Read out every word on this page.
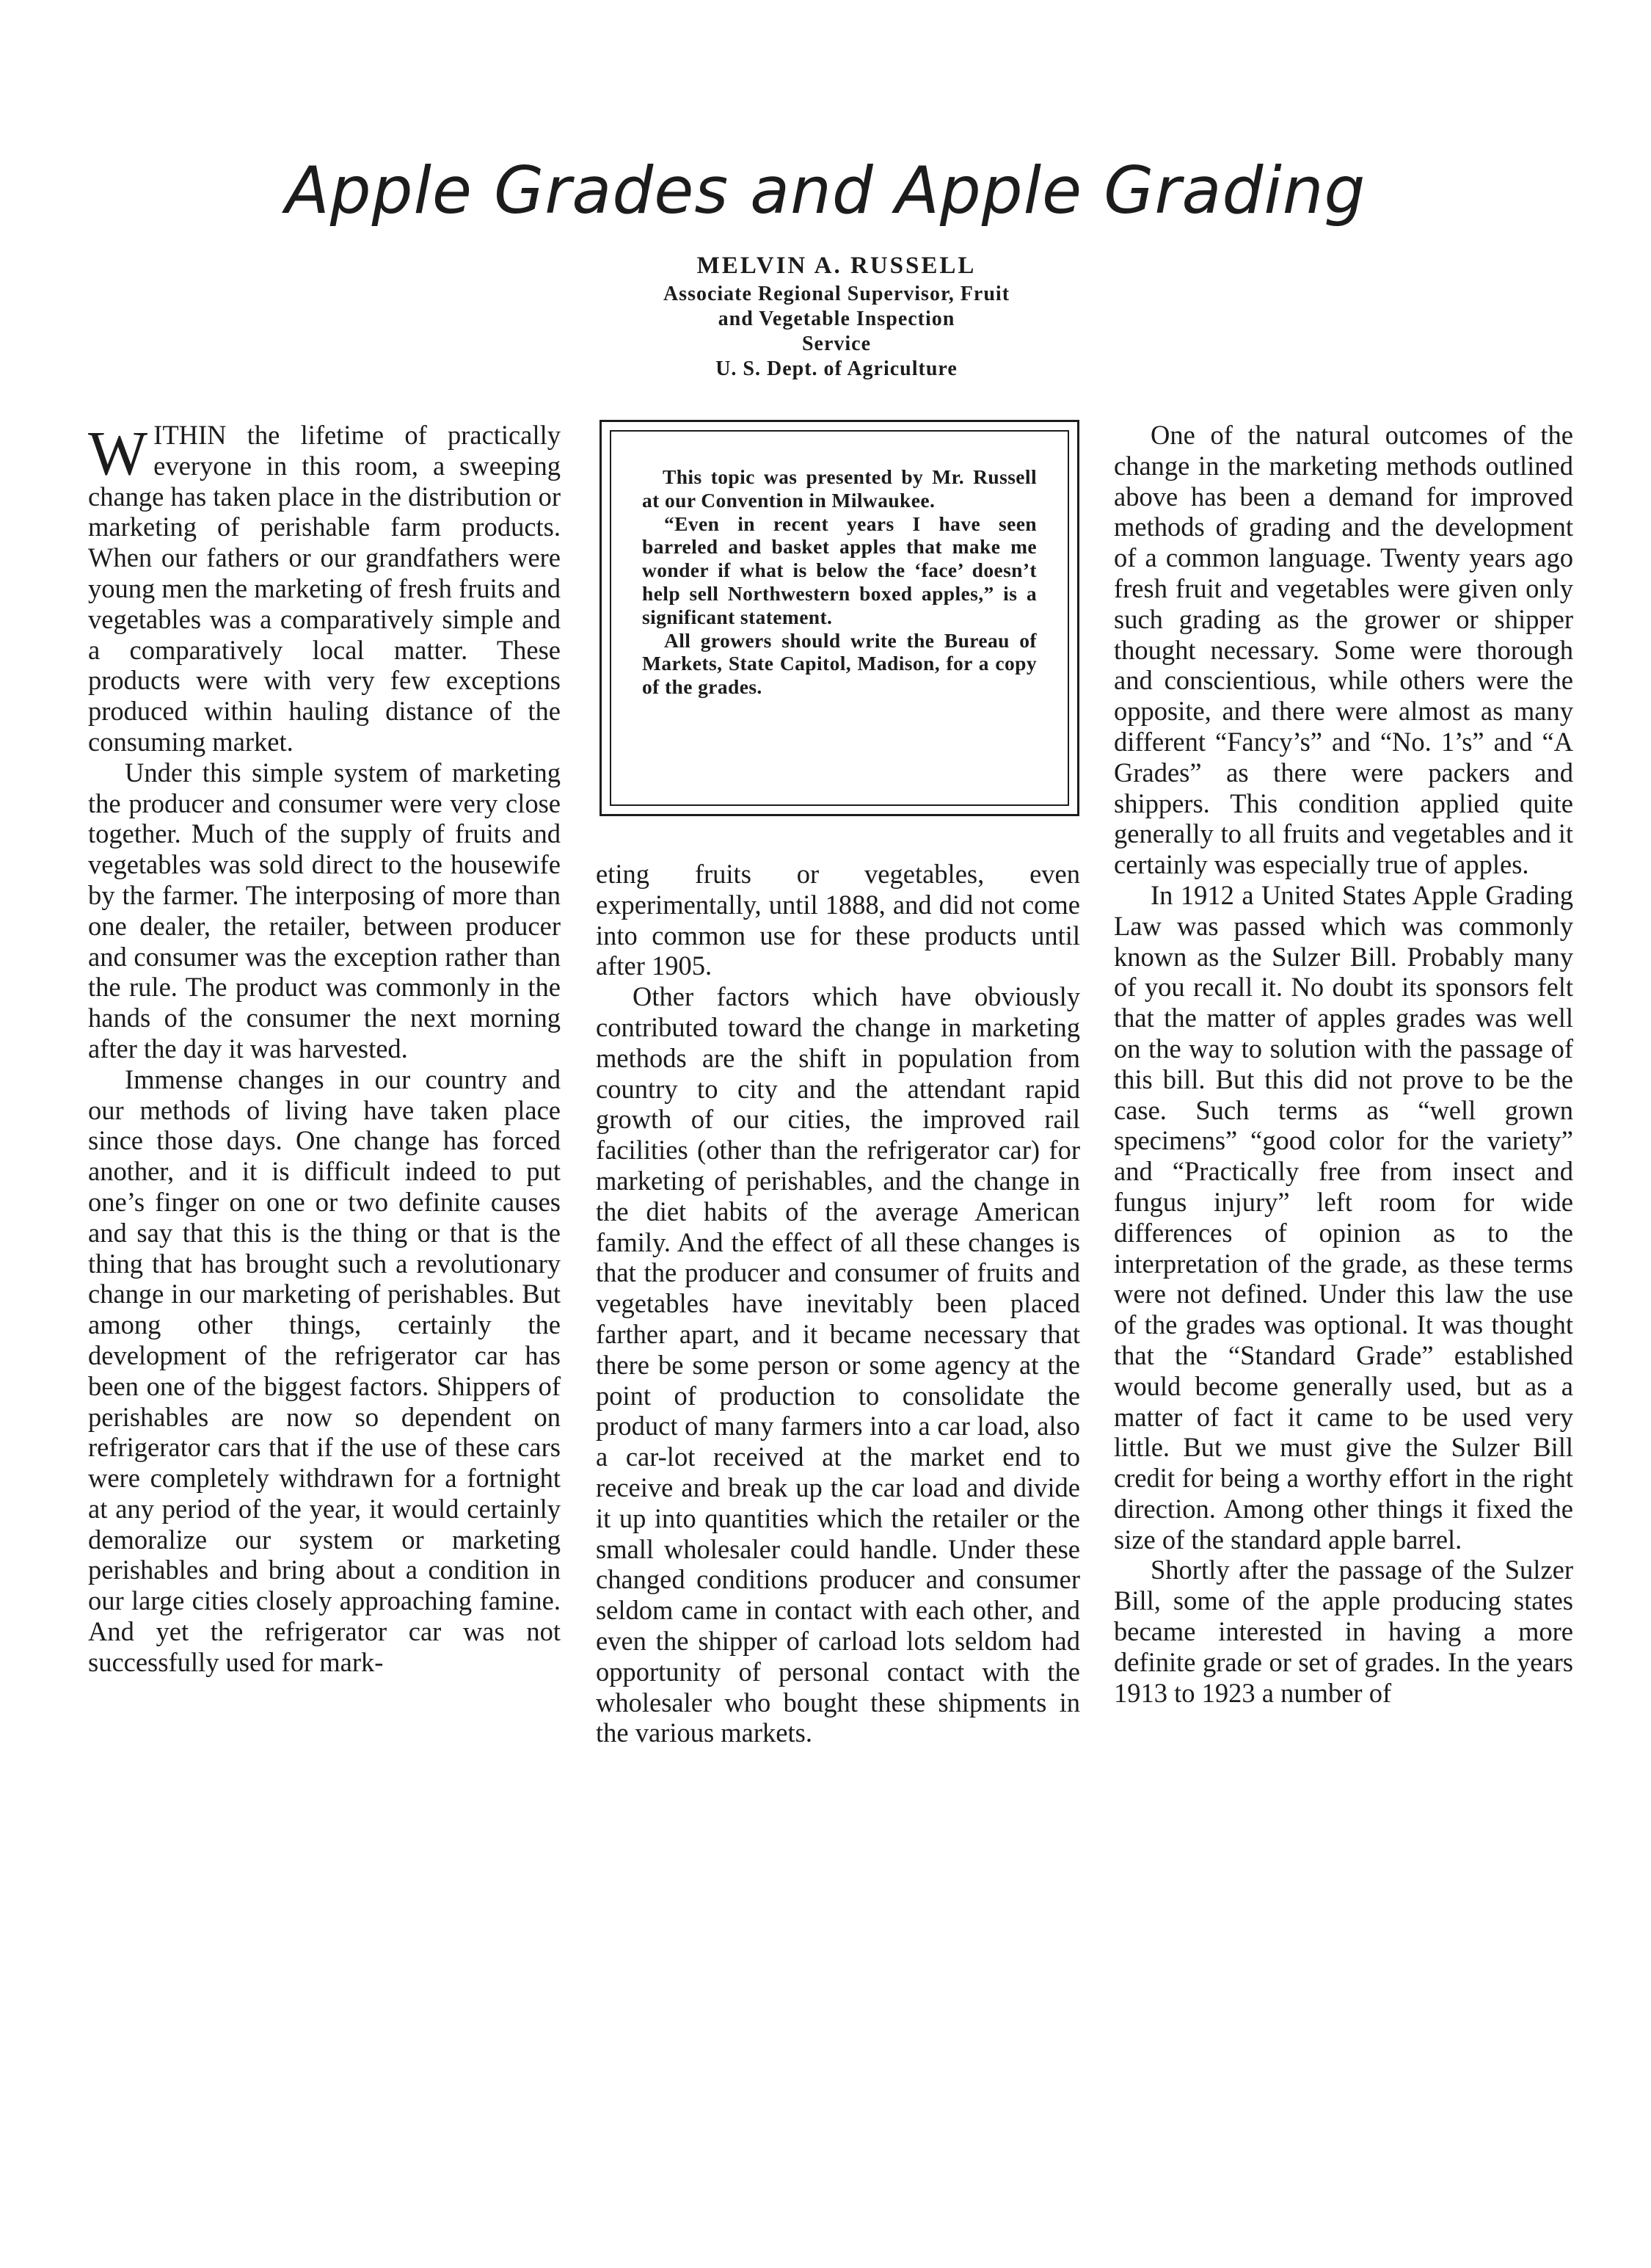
Apple Grades and Apple Grading
MELVIN A. RUSSELL
Associate Regional Supervisor, Fruit
and Vegetable Inspection
Service
U. S. Dept. of Agriculture

WITHIN the lifetime of practically everyone in this room, a sweeping change has taken place in the distribution or marketing of perishable farm products. When our fathers or our grandfathers were young men the marketing of fresh fruits and vegetables was a comparatively simple and a comparatively local matter. These products were with very few exceptions produced within hauling distance of the consuming market.

Under this simple system of marketing the producer and consumer were very close together. Much of the supply of fruits and vegetables was sold direct to the housewife by the farmer. The interposing of more than one dealer, the retailer, between producer and consumer was the exception rather than the rule. The product was commonly in the hands of the consumer the next morning after the day it was harvested.

Immense changes in our country and our methods of living have taken place since those days. One change has forced another, and it is difficult indeed to put one’s finger on one or two definite causes and say that this is the thing or that is the thing that has brought such a revolutionary change in our marketing of perishables. But among other things, certainly the development of the refrigerator car has been one of the biggest factors. Shippers of perishables are now so dependent on refrigerator cars that if the use of these cars were completely withdrawn for a fortnight at any period of the year, it would certainly demoralize our system or marketing perishables and bring about a condition in our large cities closely approaching famine. And yet the refrigerator car was not successfully used for mark-

This topic was presented by Mr. Russell at our Convention in Milwaukee.

“Even in recent years I have seen barreled and basket apples that make me wonder if what is below the ‘face’ doesn’t help sell Northwestern boxed apples,” is a significant statement.

All growers should write the Bureau of Markets, State Capitol, Madison, for a copy of the grades.

eting fruits or vegetables, even experimentally, until 1888, and did not come into common use for these products until after 1905.

Other factors which have obviously contributed toward the change in marketing methods are the shift in population from country to city and the attendant rapid growth of our cities, the improved rail facilities (other than the refrigerator car) for marketing of perishables, and the change in the diet habits of the average American family. And the effect of all these changes is that the producer and consumer of fruits and vegetables have inevitably been placed farther apart, and it became necessary that there be some person or some agency at the point of production to consolidate the product of many farmers into a car load, also a car-lot received at the market end to receive and break up the car load and divide it up into quantities which the retailer or the small wholesaler could handle. Under these changed conditions producer and consumer seldom came in contact with each other, and even the shipper of carload lots seldom had opportunity of personal contact with the wholesaler who bought these shipments in the various markets.

One of the natural outcomes of the change in the marketing methods outlined above has been a demand for improved methods of grading and the development of a common language. Twenty years ago fresh fruit and vegetables were given only such grading as the grower or shipper thought necessary. Some were thorough and conscientious, while others were the opposite, and there were almost as many different “Fancy’s” and “No. 1’s” and “A Grades” as there were packers and shippers. This condition applied quite generally to all fruits and vegetables and it certainly was especially true of apples.

In 1912 a United States Apple Grading Law was passed which was commonly known as the Sulzer Bill. Probably many of you recall it. No doubt its sponsors felt that the matter of apples grades was well on the way to solution with the passage of this bill. But this did not prove to be the case. Such terms as “well grown specimens” “good color for the variety” and “Practically free from insect and fungus injury” left room for wide differences of opinion as to the interpretation of the grade, as these terms were not defined. Under this law the use of the grades was optional. It was thought that the “Standard Grade” established would become generally used, but as a matter of fact it came to be used very little. But we must give the Sulzer Bill credit for being a worthy effort in the right direction. Among other things it fixed the size of the standard apple barrel.

Shortly after the passage of the Sulzer Bill, some of the apple producing states became interested in having a more definite grade or set of grades. In the years 1913 to 1923 a number of
